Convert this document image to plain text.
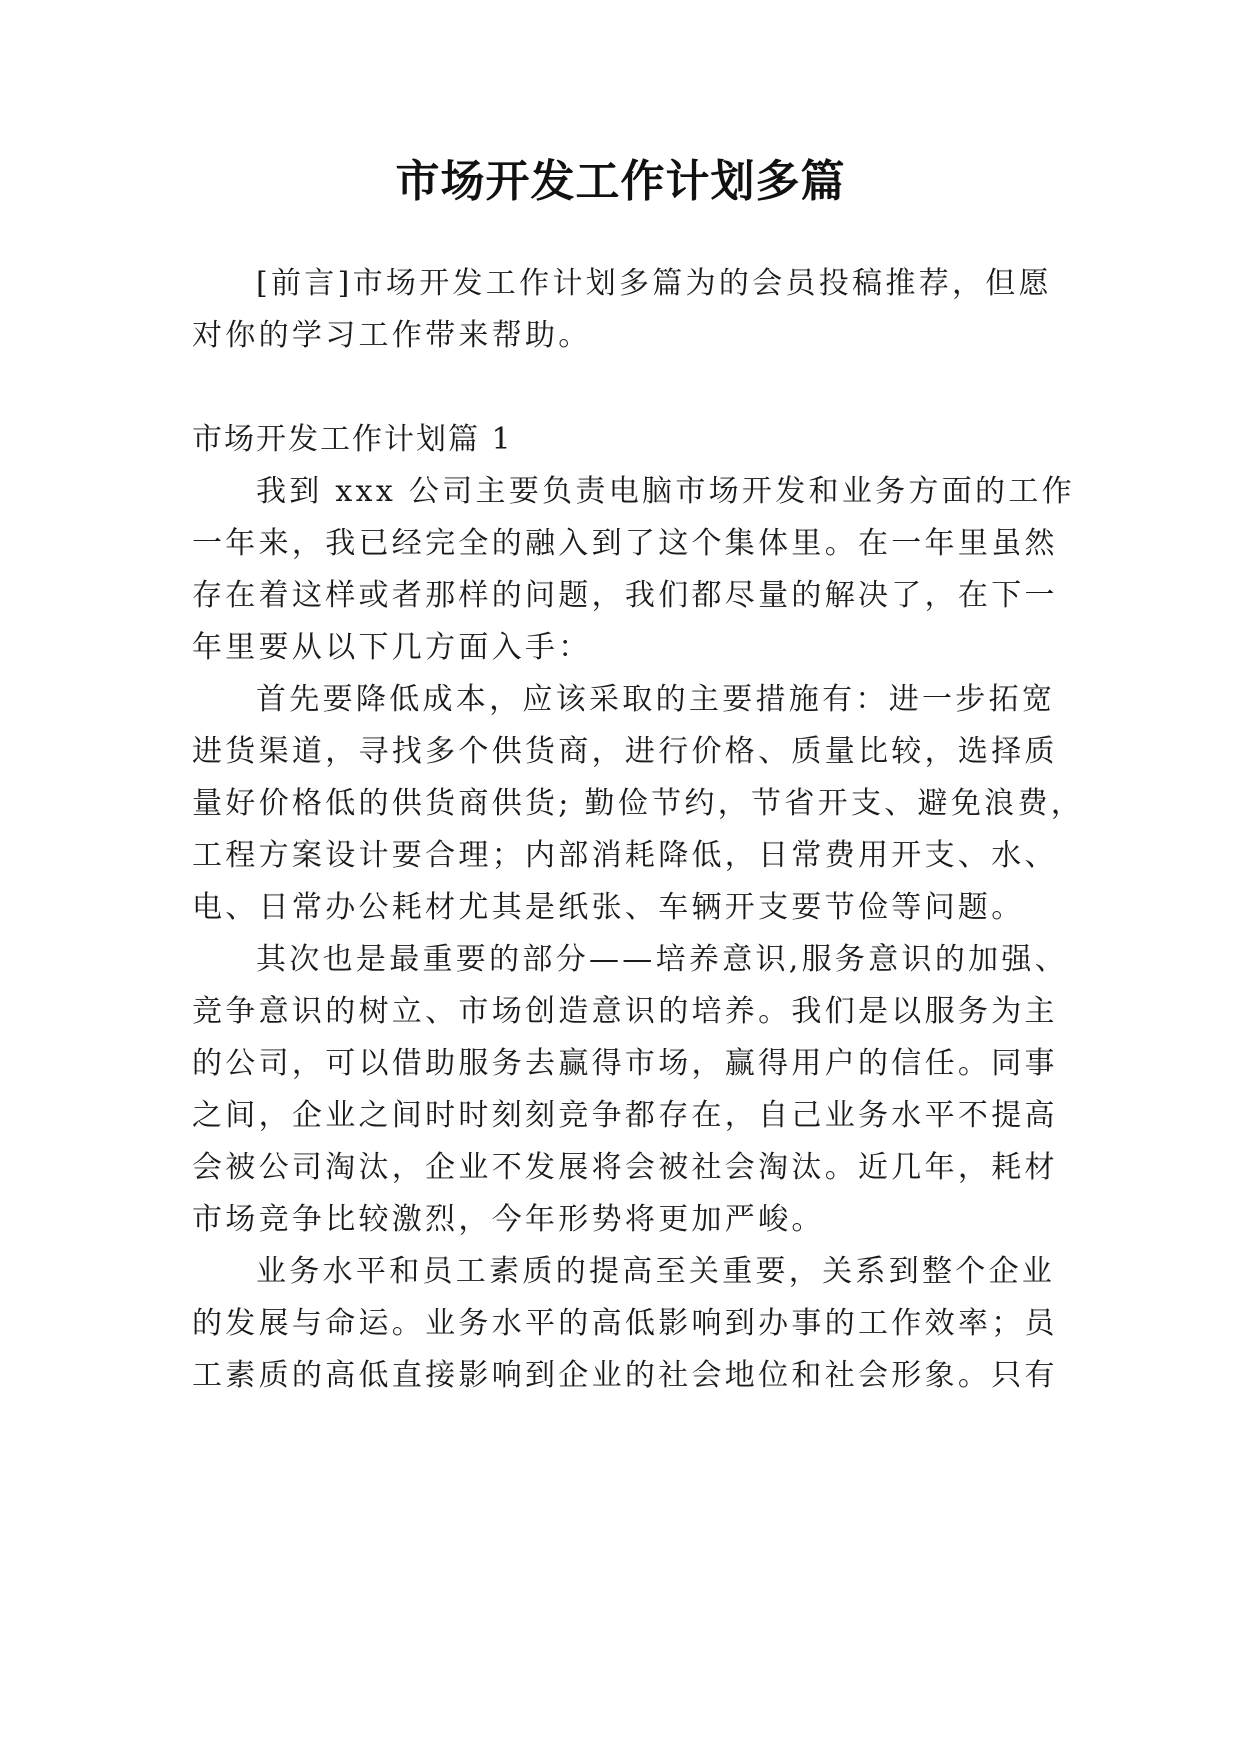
市场开发工作计划多篇
[前言]市场开发工作计划多篇为的会员投稿推荐，但愿
对你的学习工作带来帮助。
市场开发工作计划篇 1
我到 xxx 公司主要负责电脑市场开发和业务方面的工作
一年来，我已经完全的融入到了这个集体里。在一年里虽然
存在着这样或者那样的问题，我们都尽量的解决了，在下一
年里要从以下几方面入手：
首先要降低成本，应该采取的主要措施有：进一步拓宽
进货渠道，寻找多个供货商，进行价格、质量比较，选择质
量好价格低的供货商供货; 勤俭节约，节省开支、避免浪费，
工程方案设计要合理；内部消耗降低，日常费用开支、水、
电、日常办公耗材尤其是纸张、车辆开支要节俭等问题。
其次也是最重要的部分——培养意识,服务意识的加强、
竞争意识的树立、市场创造意识的培养。我们是以服务为主
的公司，可以借助服务去赢得市场，赢得用户的信任。同事
之间，企业之间时时刻刻竞争都存在，自己业务水平不提高
会被公司淘汰，企业不发展将会被社会淘汰。近几年，耗材
市场竞争比较激烈，今年形势将更加严峻。
业务水平和员工素质的提高至关重要，关系到整个企业
的发展与命运。业务水平的高低影响到办事的工作效率；员
工素质的高低直接影响到企业的社会地位和社会形象。只有
